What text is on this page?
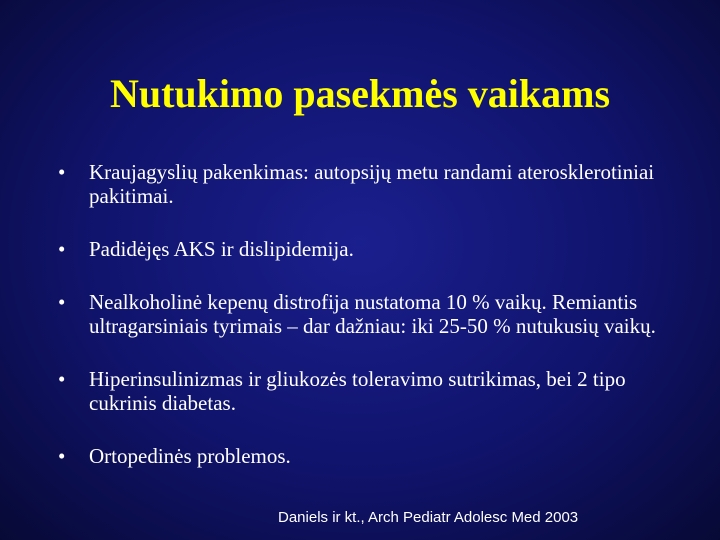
Nutukimo pasekmės vaikams
• Kraujagyslių pakenkimas: autopsijų metu randami aterosklerotiniai pakitimai.
• Padidėjęs AKS ir dislipidemija.
• Nealkoholinė kepenų distrofija nustatoma 10 % vaikų. Remiantis ultragarsiniais tyrimais – dar dažniau: iki 25-50 % nutukusių vaikų.
• Hiperinsulinizmas ir gliukozės toleravimo sutrikimas, bei 2 tipo cukrinis diabetas.
• Ortopedinės problemos.
Daniels ir kt., Arch Pediatr Adolesc Med 2003
